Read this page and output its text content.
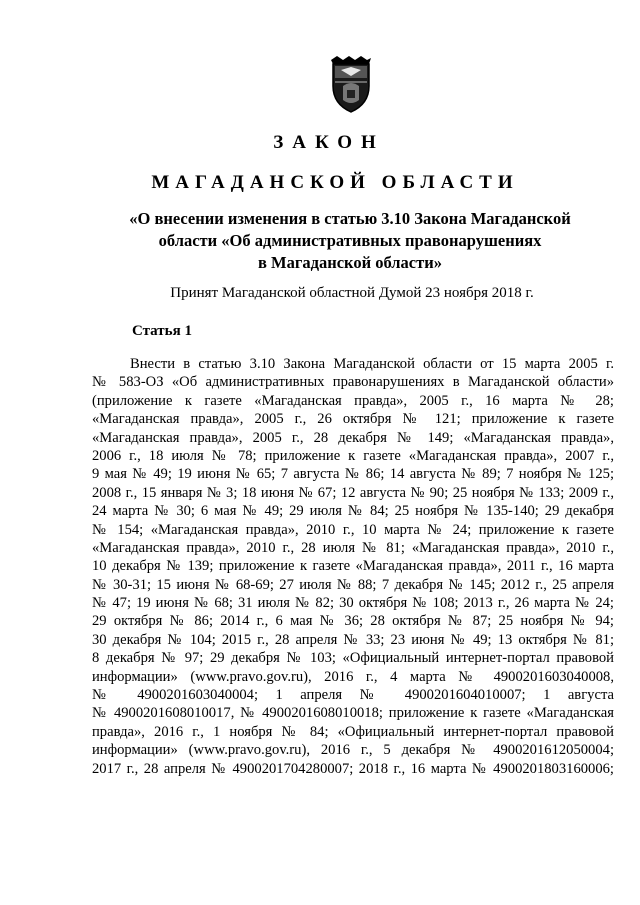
ЗАКОН
МАГАДАНСКОЙ ОБЛАСТИ
«О внесении изменения в статью 3.10 Закона Магаданской
области «Об административных правонарушениях
в Магаданской области»
Принят Магаданской областной Думой 23 ноября 2018 г.
Статья 1
Внести в статью 3.10 Закона Магаданской области от 15 марта 2005 г.
№ 583-ОЗ «Об административных правонарушениях в Магаданской области»
(приложение к газете «Магаданская правда», 2005 г., 16 марта № 28;
«Магаданская правда», 2005 г., 26 октября № 121; приложение к газете
«Магаданская правда», 2005 г., 28 декабря № 149; «Магаданская правда»,
2006 г., 18 июля № 78; приложение к газете «Магаданская правда», 2007 г.,
9 мая № 49; 19 июня № 65; 7 августа № 86; 14 августа № 89; 7 ноября № 125;
2008 г., 15 января № 3; 18 июня № 67; 12 августа № 90; 25 ноября № 133; 2009 г.,
24 марта № 30; 6 мая № 49; 29 июля № 84; 25 ноября № 135-140; 29 декабря
№ 154; «Магаданская правда», 2010 г., 10 марта № 24; приложение к газете
«Магаданская правда», 2010 г., 28 июля № 81; «Магаданская правда», 2010 г.,
10 декабря № 139; приложение к газете «Магаданская правда», 2011 г., 16 марта
№ 30-31; 15 июня № 68-69; 27 июля № 88; 7 декабря № 145; 2012 г., 25 апреля
№ 47; 19 июня № 68; 31 июля № 82; 30 октября № 108; 2013 г., 26 марта № 24;
29 октября № 86; 2014 г., 6 мая № 36; 28 октября № 87; 25 ноября № 94;
30 декабря № 104; 2015 г., 28 апреля № 33; 23 июня № 49; 13 октября № 81;
8 декабря № 97; 29 декабря № 103; «Официальный интернет-портал правовой
информации» (www.pravo.gov.ru), 2016 г., 4 марта № 4900201603040008,
№ 4900201603040004; 1 апреля № 4900201604010007; 1 августа
№ 4900201608010017, № 4900201608010018; приложение к газете «Магаданская
правда», 2016 г., 1 ноября № 84; «Официальный интернет-портал правовой
информации» (www.pravo.gov.ru), 2016 г., 5 декабря № 4900201612050004;
2017 г., 28 апреля № 4900201704280007; 2018 г., 16 марта № 4900201803160006;
